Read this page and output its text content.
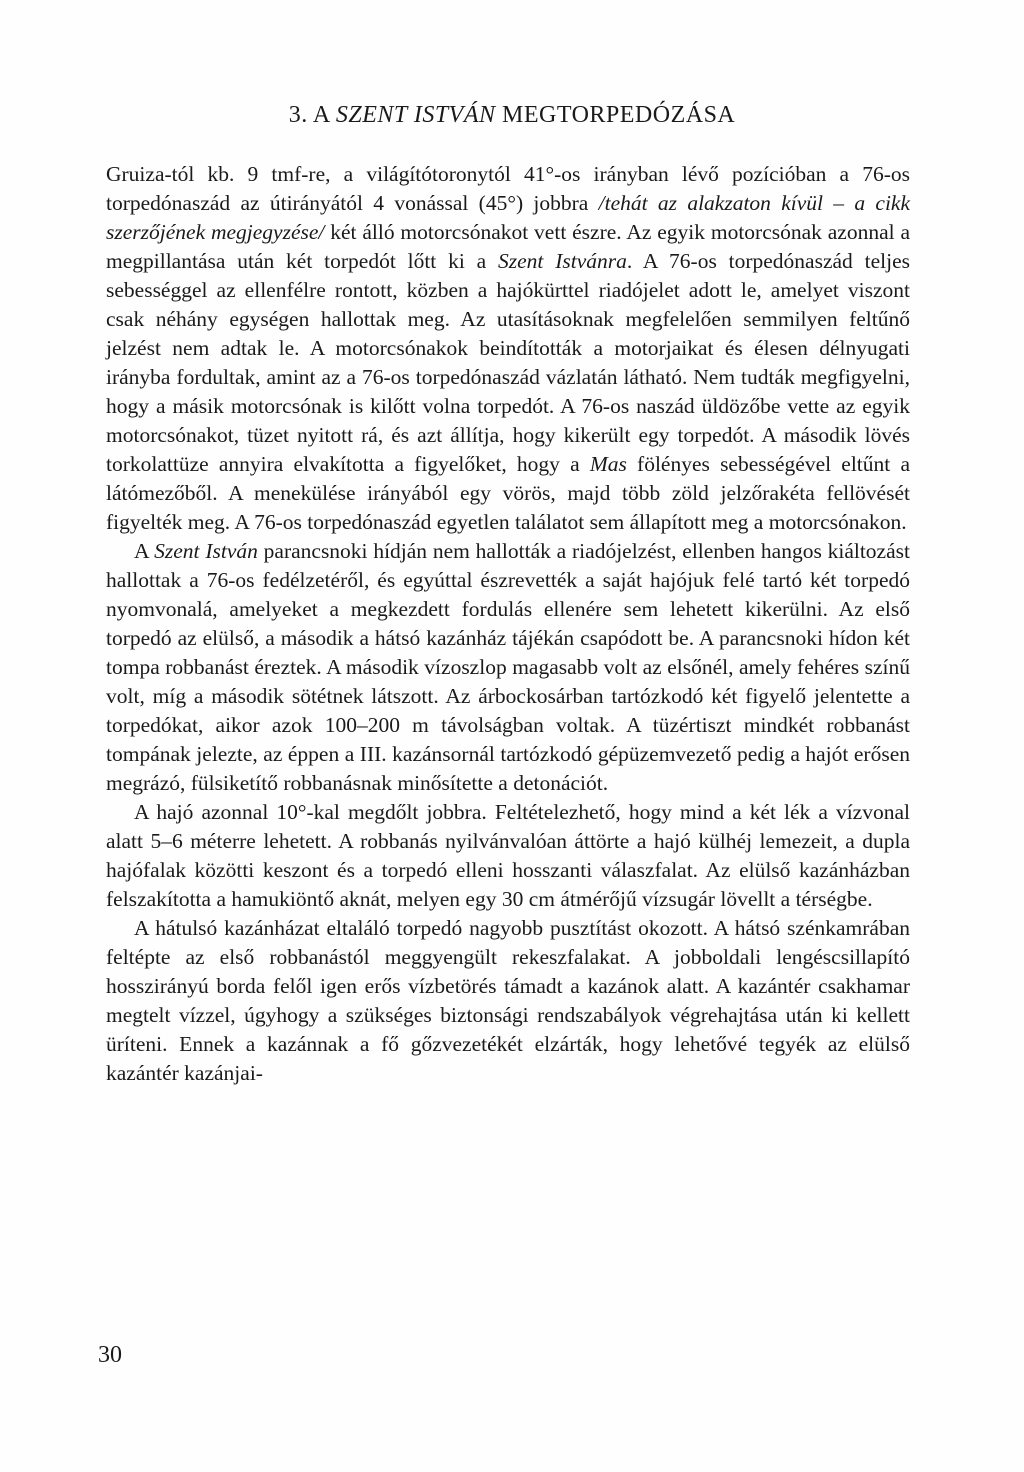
3. A SZENT ISTVÁN MEGTORPEDÓZÁSA

Gruiza-tól kb. 9 tmf-re, a világítótoronytól 41°-os irányban lévő pozícióban a 76-os torpedónaszád az útirányától 4 vonással (45°) jobbra /tehát az alakzaton kívül – a cikk szerzőjének megjegyzése/ két álló motorcsónakot vett észre. Az egyik motorcsónak azonnal a megpillantása után két torpedót lőtt ki a Szent Istvánra. A 76-os torpedónaszád teljes sebességgel az ellenfélre rontott, közben a hajókürttel riadójelet adott le, amelyet viszont csak néhány egységen hallottak meg. Az utasításoknak megfelelően semmilyen feltűnő jelzést nem adtak le. A motorcsónakok beindították a motorjaikat és élesen délnyugati irányba fordultak, amint az a 76-os torpedónaszád vázlatán látható. Nem tudták megfigyelni, hogy a másik motorcsónak is kilőtt volna torpedót. A 76-os naszád üldözőbe vette az egyik motorcsónakot, tüzet nyitott rá, és azt állítja, hogy kikerült egy torpedót. A második lövés torkolattüze annyira elvakította a figyelőket, hogy a Mas fölényes sebességével eltűnt a látómezőből. A menekülése irányából egy vörös, majd több zöld jelzőrakéta fellövését figyelték meg. A 76-os torpedónaszád egyetlen találatot sem állapított meg a motorcsónakon.

A Szent István parancsnoki hídján nem hallották a riadójelzést, ellenben hangos kiáltozást hallottak a 76-os fedélzetéről, és egyúttal észrevették a saját hajójuk felé tartó két torpedó nyomvonalá, amelyeket a megkezdett fordulás ellenére sem lehetett kikerülni. Az első torpedó az elülső, a második a hátsó kazánház tájékán csapódott be. A parancsnoki hídon két tompa robbanást éreztek. A második vízoszlop magasabb volt az elsőnél, amely fehéres színű volt, míg a második sötétnek látszott. Az árbockosárban tartózkodó két figyelő jelentette a torpedókat, aikor azok 100–200 m távolságban voltak. A tüzértiszt mindkét robbanást tompának jelezte, az éppen a III. kazánsornál tartózkodó gépüzemvezető pedig a hajót erősen megrázó, fülsiketítő robbanásnak minősítette a detonációt.

A hajó azonnal 10°-kal megdőlt jobbra. Feltételezhető, hogy mind a két lék a vízvonal alatt 5–6 méterre lehetett. A robbanás nyilvánvalóan áttörte a hajó külhéj lemezeit, a dupla hajófalak közötti keszont és a torpedó elleni hosszanti válaszfalat. Az elülső kazánházban felszakította a hamukiöntő aknát, melyen egy 30 cm átmérőjű vízsugár lövellt a térségbe.

A hátulsó kazánházat eltaláló torpedó nagyobb pusztítást okozott. A hátsó szénkamrában feltépte az első robbanástól meggyengült rekeszfalakat. A jobboldali lengéscsillapító hosszirányú borda felől igen erős vízbetörés támadt a kazánok alatt. A kazántér csakhamar megtelt vízzel, úgyhogy a szükséges biztonsági rendszabályok végrehajtása után ki kellett üríteni. Ennek a kazánnak a fő gőzvezetékét elzárták, hogy lehetővé tegyék az elülső kazántér kazánjai-

30
